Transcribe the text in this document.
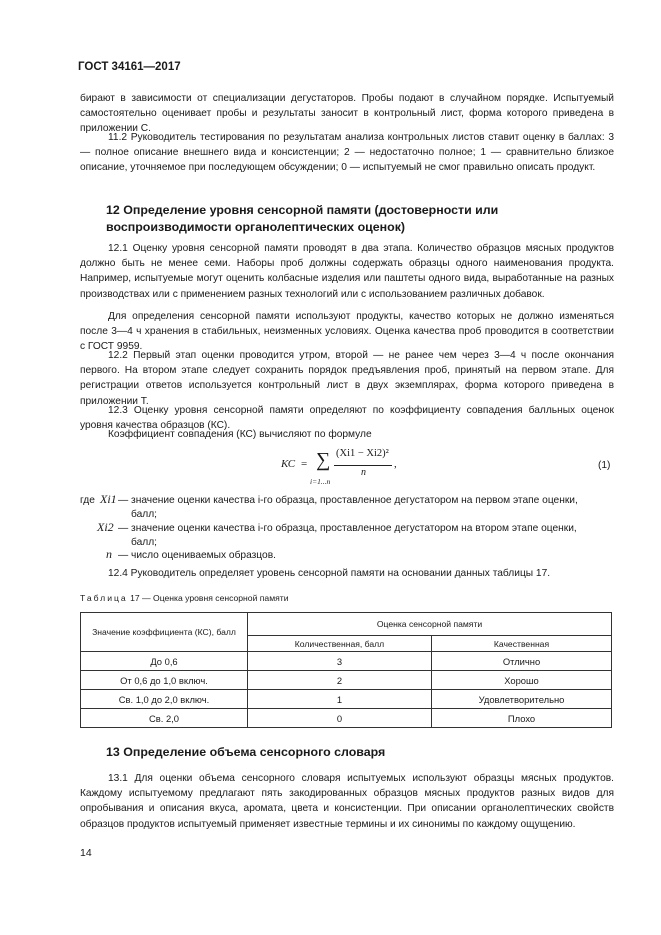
ГОСТ 34161—2017
бирают в зависимости от специализации дегустаторов. Пробы подают в случайном порядке. Испытуемый самостоятельно оценивает пробы и результаты заносит в контрольный лист, форма которого приведена в приложении С.
11.2 Руководитель тестирования по результатам анализа контрольных листов ставит оценку в баллах: 3 — полное описание внешнего вида и консистенции; 2 — недостаточно полное; 1 — сравнительно близкое описание, уточняемое при последующем обсуждении; 0 — испытуемый не смог правильно описать продукт.
12 Определение уровня сенсорной памяти (достоверности или воспроизводимости органолептических оценок)
12.1 Оценку уровня сенсорной памяти проводят в два этапа. Количество образцов мясных продуктов должно быть не менее семи. Наборы проб должны содержать образцы одного наименования продукта. Например, испытуемые могут оценить колбасные изделия или паштеты одного вида, выработанные на разных производствах или с применением разных технологий или с использованием различных добавок.
Для определения сенсорной памяти используют продукты, качество которых не должно изменяться после 3—4 ч хранения в стабильных, неизменных условиях. Оценка качества проб проводится в соответствии с ГОСТ 9959.
12.2 Первый этап оценки проводится утром, второй — не ранее чем через 3—4 ч после окончания первого. На втором этапе следует сохранить порядок предъявления проб, принятый на первом этапе. Для регистрации ответов используется контрольный лист в двух экземплярах, форма которого приведена в приложении Т.
12.3 Оценку уровня сенсорной памяти определяют по коэффициенту совпадения балльных оценок уровня качества образцов (КС).
Коэффициент совпадения (КС) вычисляют по формуле
КС = ∑
i=1...n
(Xi1 − Xi2)²
n
,	(1)
где Xi1 — значение оценки качества i-го образца, проставленное дегустатором на первом этапе оценки,
балл;
Xi2 — значение оценки качества i-го образца, проставленное дегустатором на втором этапе оценки,
балл;
n — число оцениваемых образцов.
12.4 Руководитель определяет уровень сенсорной памяти на основании данных таблицы 17.
Таблица 17 — Оценка уровня сенсорной памяти
Значение коэффициента (КС), балл	Оценка сенсорной памяти	
	Количественная, балл	Качественная
До 0,6	3	Отлично
От 0,6 до 1,0 включ.	2	Хорошо
Св. 1,0 до 2,0 включ.	1	Удовлетворительно
Св. 2,0	0	Плохо
13 Определение объема сенсорного словаря
13.1 Для оценки объема сенсорного словаря испытуемых используют образцы мясных продуктов. Каждому испытуемому предлагают пять закодированных образцов мясных продуктов разных видов для опробывания и описания вкуса, аромата, цвета и консистенции. При описании органолептических свойств образцов продуктов испытуемый применяет известные термины и их синонимы по каждому ощущению.
14
